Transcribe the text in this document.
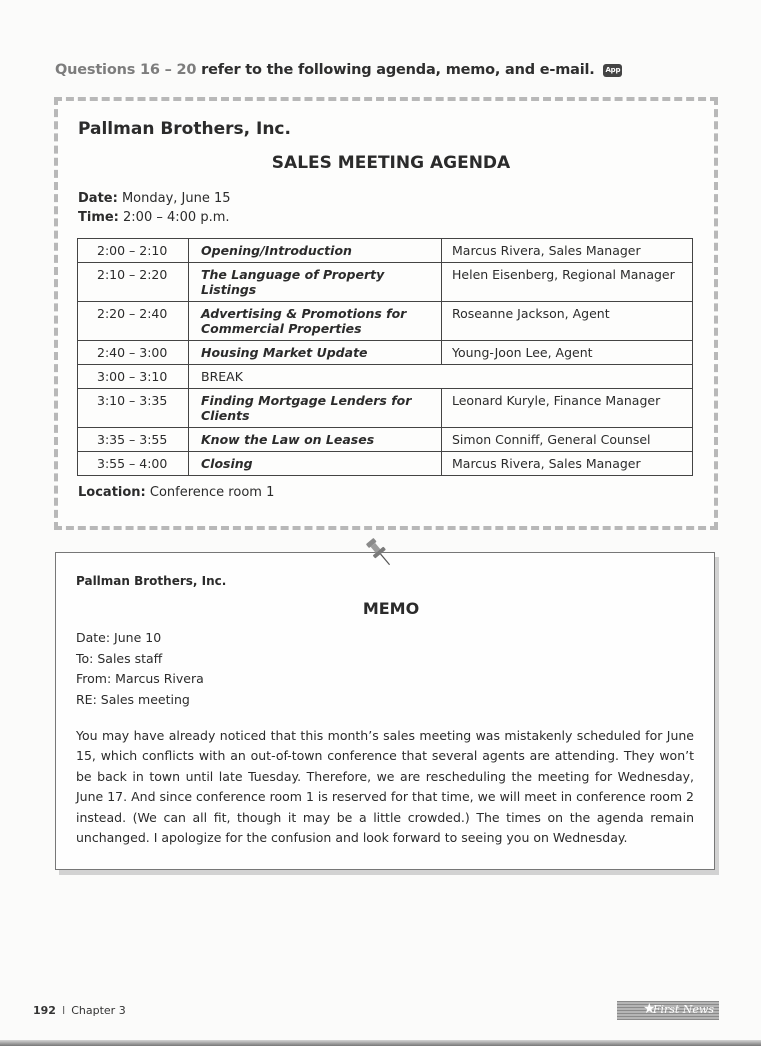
Questions 16 – 20 refer to the following agenda, memo, and e-mail. App
Pallman Brothers, Inc.
SALES MEETING AGENDA
Date: Monday, June 15
Time: 2:00 – 4:00 p.m.
2:00 – 2:10	Opening/Introduction	Marcus Rivera, Sales Manager
2:10 – 2:20	The Language of Property Listings	Helen Eisenberg, Regional Manager
2:20 – 2:40	Advertising & Promotions for Commercial Properties	Roseanne Jackson, Agent
2:40 – 3:00	Housing Market Update	Young-Joon Lee, Agent
3:00 – 3:10	BREAK	
3:10 – 3:35	Finding Mortgage Lenders for Clients	Leonard Kuryle, Finance Manager
3:35 – 3:55	Know the Law on Leases	Simon Conniff, General Counsel
3:55 – 4:00	Closing	Marcus Rivera, Sales Manager
Location: Conference room 1
Pallman Brothers, Inc.
MEMO
Date: June 10
To: Sales staff
From: Marcus Rivera
RE: Sales meeting
You may have already noticed that this month’s sales meeting was mistakenly scheduled for June 15, which conflicts with an out-of-town conference that several agents are attending. They won’t be back in town until late Tuesday. Therefore, we are rescheduling the meeting for Wednesday, June 17. And since conference room 1 is reserved for that time, we will meet in conference room 2 instead. (We can all fit, though it may be a little crowded.) The times on the agenda remain unchanged. I apologize for the confusion and look forward to seeing you on Wednesday.
192 I Chapter 3	★
First News
